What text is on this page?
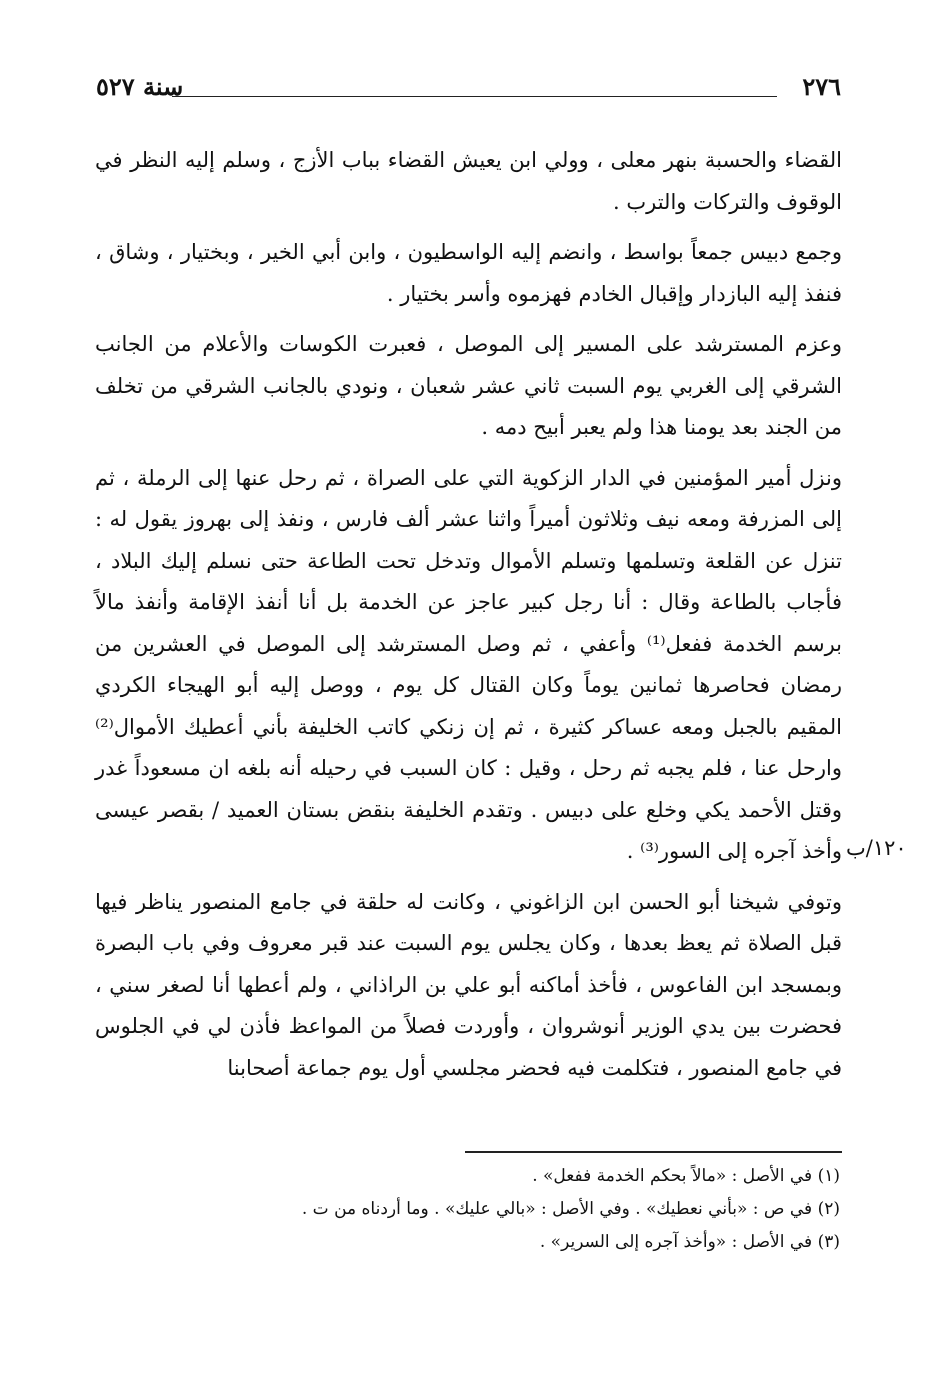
٢٧٦
سنة ٥٢٧

القضاء والحسبة بنهر معلى ، وولي ابن يعيش القضاء بباب الأزج ، وسلم إليه النظر في الوقوف والتركات والترب .

وجمع دبيس جمعاً بواسط ، وانضم إليه الواسطيون ، وابن أبي الخير ، وبختيار ، وشاق ، فنفذ إليه البازدار وإقبال الخادم فهزموه وأسر بختيار .

وعزم المسترشد على المسير إلى الموصل ، فعبرت الكوسات والأعلام من الجانب الشرقي إلى الغربي يوم السبت ثاني عشر شعبان ، ونودي بالجانب الشرقي من تخلف من الجند بعد يومنا هذا ولم يعبر أبيح دمه .

ونزل أمير المؤمنين في الدار الزكوية التي على الصراة ، ثم رحل عنها إلى الرملة ، ثم إلى المزرفة ومعه نيف وثلاثون أميراً واثنا عشر ألف فارس ، ونفذ إلى بهروز يقول له : تنزل عن القلعة وتسلمها وتسلم الأموال وتدخل تحت الطاعة حتى نسلم إليك البلاد ، فأجاب بالطاعة وقال : أنا رجل كبير عاجز عن الخدمة بل أنا أنفذ الإقامة وأنفذ مالاً برسم الخدمة ففعل⁽¹⁾ وأعفي ، ثم وصل المسترشد إلى الموصل في العشرين من رمضان فحاصرها ثمانين يوماً وكان القتال كل يوم ، ووصل إليه أبو الهيجاء الكردي المقيم بالجبل ومعه عساكر كثيرة ، ثم إن زنكي كاتب الخليفة بأني أعطيك الأموال⁽²⁾ وارحل عنا ، فلم يجبه ثم رحل ، وقيل : كان السبب في رحيله أنه بلغه ان مسعوداً غدر وقتل الأحمد يكي وخلع على دبيس . وتقدم الخليفة بنقض بستان العميد / بقصر عيسى وأخذ آجره إلى السور⁽³⁾ .

وتوفي شيخنا أبو الحسن ابن الزاغوني ، وكانت له حلقة في جامع المنصور يناظر فيها قبل الصلاة ثم يعظ بعدها ، وكان يجلس يوم السبت عند قبر معروف وفي باب البصرة وبمسجد ابن الفاعوس ، فأخذ أماكنه أبو علي بن الراذاني ، ولم أعطها أنا لصغر سني ، فحضرت بين يدي الوزير أنوشروان ، وأوردت فصلاً من المواعظ فأذن لي في الجلوس في جامع المنصور ، فتكلمت فيه فحضر مجلسي أول يوم جماعة أصحابنا

١٢٠/ب
(١) في الأصل : «مالاً بحكم الخدمة ففعل» .
(٢) في ص : «بأني نعطيك» . وفي الأصل : «بالي عليك» . وما أردناه من ت .
(٣) في الأصل : «وأخذ آجره إلى السرير» .
